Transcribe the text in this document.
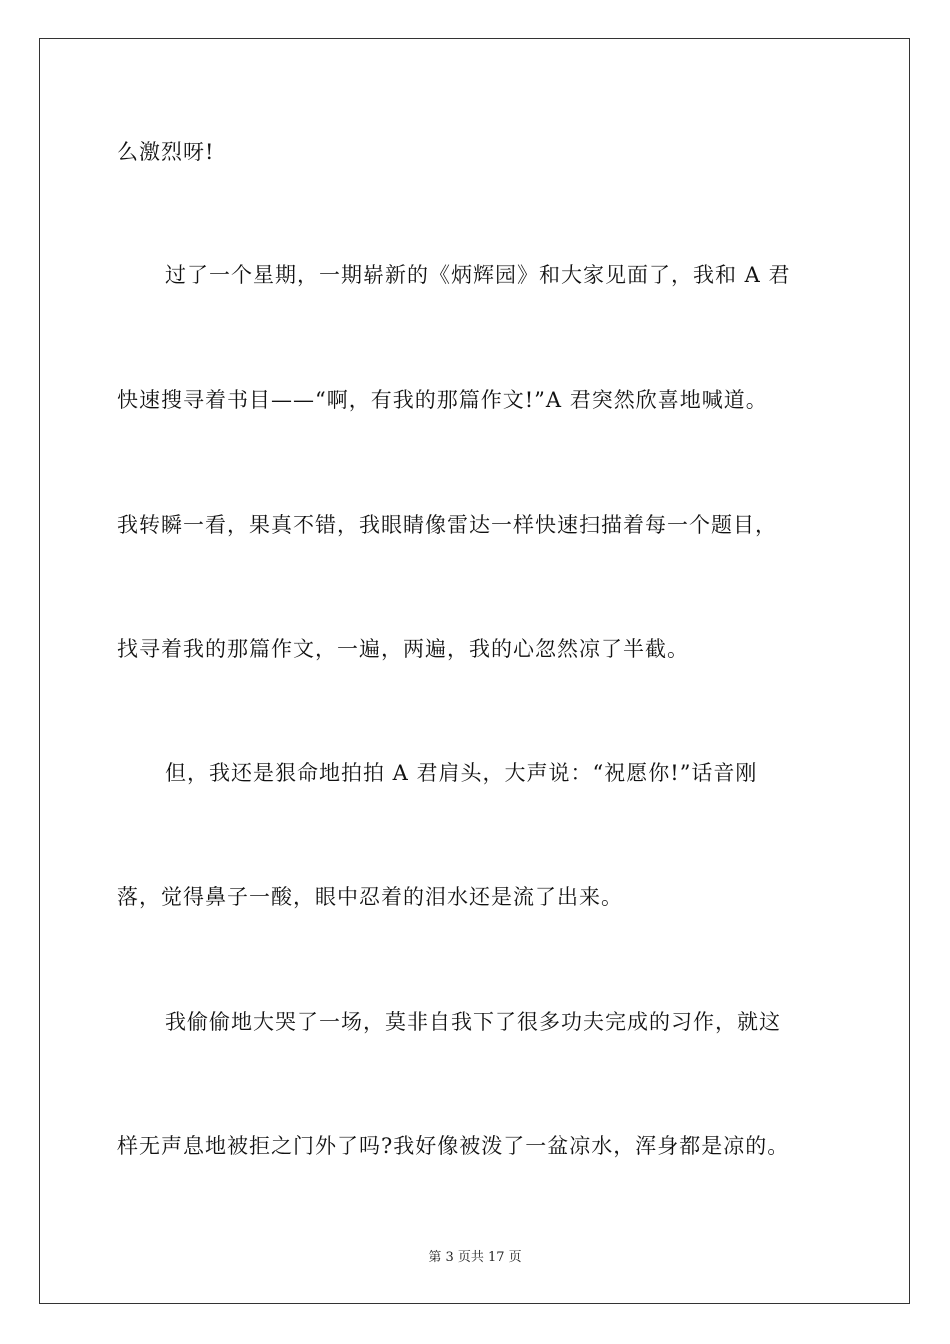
么激烈呀!
过了一个星期，一期崭新的《炳辉园》和大家见面了，我和 A 君
快速搜寻着书目——“啊，有我的那篇作文!”A 君突然欣喜地喊道。
我转瞬一看，果真不错，我眼睛像雷达一样快速扫描着每一个题目，
找寻着我的那篇作文，一遍，两遍，我的心忽然凉了半截。
但，我还是狠命地拍拍 A 君肩头，大声说：“祝愿你!”话音刚
落，觉得鼻子一酸，眼中忍着的泪水还是流了出来。
我偷偷地大哭了一场，莫非自我下了很多功夫完成的习作，就这
样无声息地被拒之门外了吗?我好像被泼了一盆凉水，浑身都是凉的。
第 3 页共 17 页
